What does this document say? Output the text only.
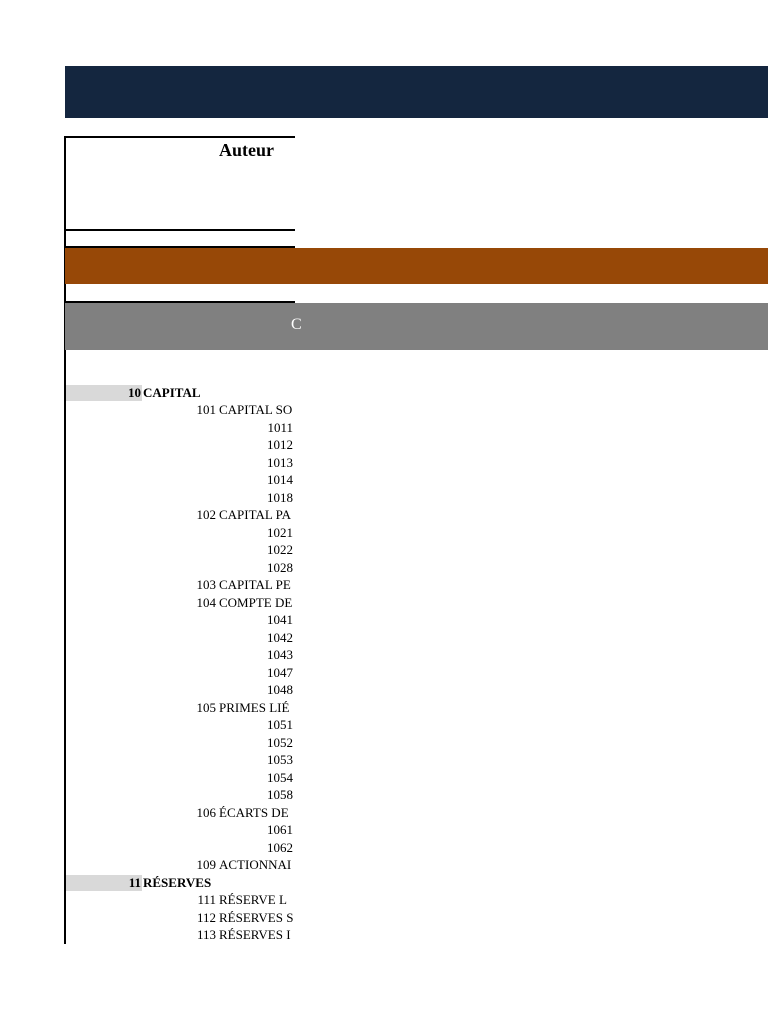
Auteur
C
10 CAPITAL
101 CAPITAL SO
1011
1012
1013
1014
1018
102 CAPITAL PA
1021
1022
1028
103 CAPITAL PE
104 COMPTE DE
1041
1042
1043
1047
1048
105 PRIMES LIÉ
1051
1052
1053
1054
1058
106 ÉCARTS DE
1061
1062
109 ACTIONNAI
11 RÉSERVES
111 RÉSERVE L
112 RÉSERVES S
113 RÉSERVES I
